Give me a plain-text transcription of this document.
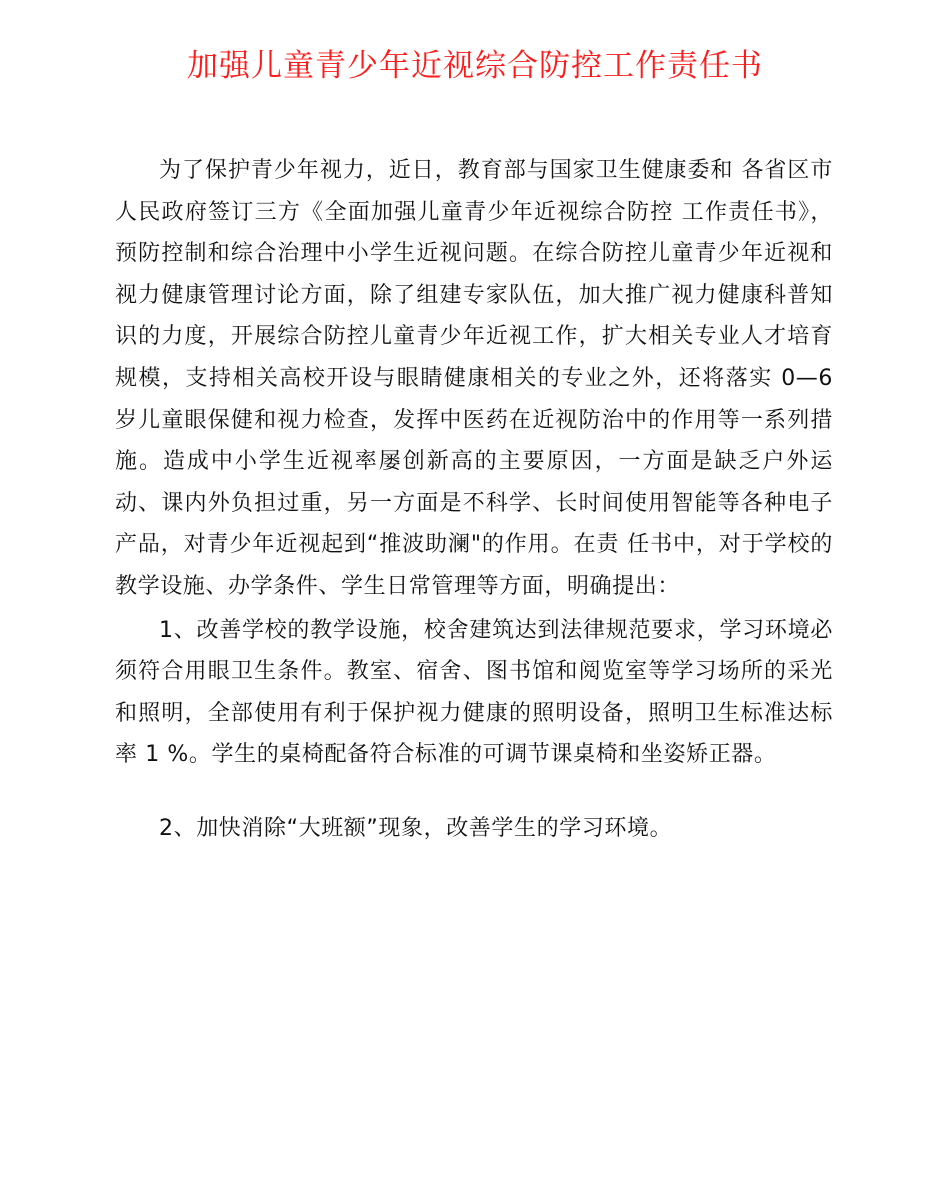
加强儿童青少年近视综合防控工作责任书

为了保护青少年视力，近日，教育部与国家卫生健康委和 各省区市人民政府签订三方《全面加强儿童青少年近视综合防控 工作责任书》，预防控制和综合治理中小学生近视问题。在综合防控儿童青少年近视和视力健康管理讨论方面，除了组建专家队伍，加大推广视力健康科普知识的力度，开展综合防控儿童青少年近视工作，扩大相关专业人才培育规模，支持相关高校开设与眼睛健康相关的专业之外，还将落实 0—6 岁儿童眼保健和视力检查，发挥中医药在近视防治中的作用等一系列措施。造成中小学生近视率屡创新高的主要原因，一方面是缺乏户外运动、课内外负担过重，另一方面是不科学、长时间使用智能等各种电子产品，对青少年近视起到“推波助澜"的作用。在责 任书中，对于学校的教学设施、办学条件、学生日常管理等方面，明确提出：

1、改善学校的教学设施，校舍建筑达到法律规范要求，学习环境必须符合用眼卫生条件。教室、宿舍、图书馆和阅览室等学习场所的采光和照明，全部使用有利于保护视力健康的照明设备，照明卫生标准达标率 1 %。学生的桌椅配备符合标准的可调节课桌椅和坐姿矫正器。

2、加快消除“大班额”现象，改善学生的学习环境。
